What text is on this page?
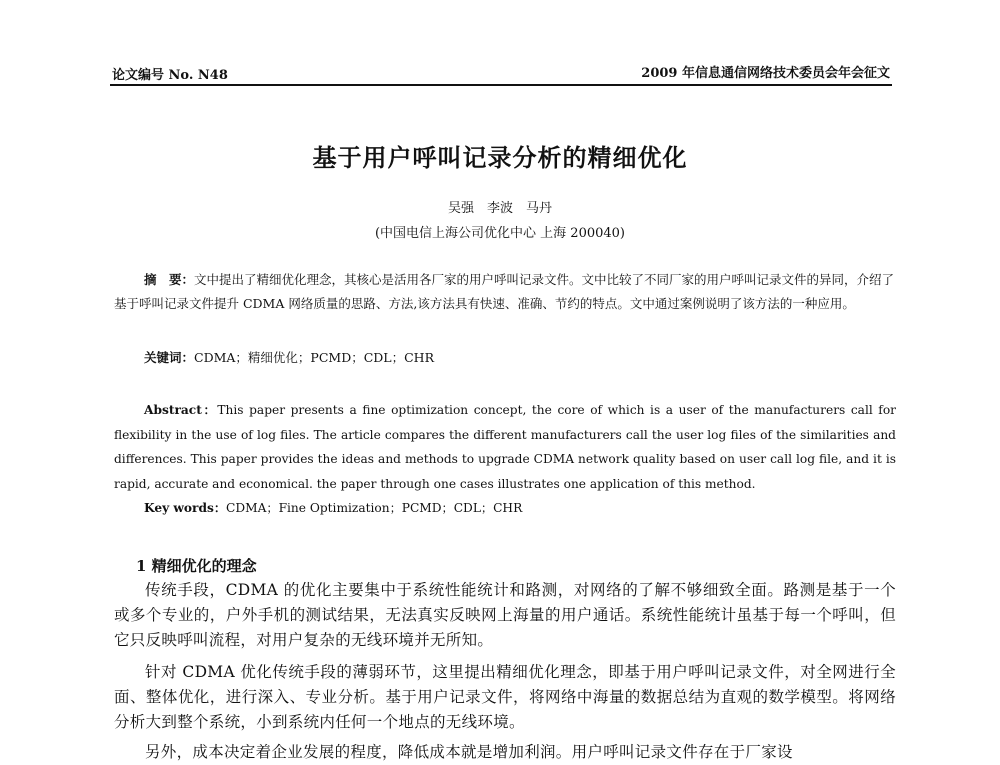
论文编号 No. N48	2009 年信息通信网络技术委员会年会征文
基于用户呼叫记录分析的精细优化
吴强　李波　马丹
(中国电信上海公司优化中心 上海 200040)
摘　要：文中提出了精细优化理念，其核心是活用各厂家的用户呼叫记录文件。文中比较了不同厂家的用户呼叫记录文件的异同，介绍了基于呼叫记录文件提升 CDMA 网络质量的思路、方法,该方法具有快速、准确、节约的特点。文中通过案例说明了该方法的一种应用。
关键词：CDMA；精细优化；PCMD；CDL；CHR
Abstract：This paper presents a fine optimization concept, the core of which is a user of the manufacturers call for flexibility in the use of log files. The article compares the different manufacturers call the user log files of the similarities and differences. This paper provides the ideas and methods to upgrade CDMA network quality based on user call log file, and it is rapid, accurate and economical. the paper through one cases illustrates one application of this method.
Key words：CDMA；Fine Optimization；PCMD；CDL；CHR
1 精细优化的理念

传统手段，CDMA 的优化主要集中于系统性能统计和路测，对网络的了解不够细致全面。路测是基于一个或多个专业的，户外手机的测试结果，无法真实反映网上海量的用户通话。系统性能统计虽基于每一个呼叫，但它只反映呼叫流程，对用户复杂的无线环境并无所知。

针对 CDMA 优化传统手段的薄弱环节，这里提出精细优化理念，即基于用户呼叫记录文件，对全网进行全面、整体优化，进行深入、专业分析。基于用户记录文件，将网络中海量的数据总结为直观的数学模型。将网络分析大到整个系统，小到系统内任何一个地点的无线环境。

另外，成本决定着企业发展的程度，降低成本就是增加利润。用户呼叫记录文件存在于厂家设
